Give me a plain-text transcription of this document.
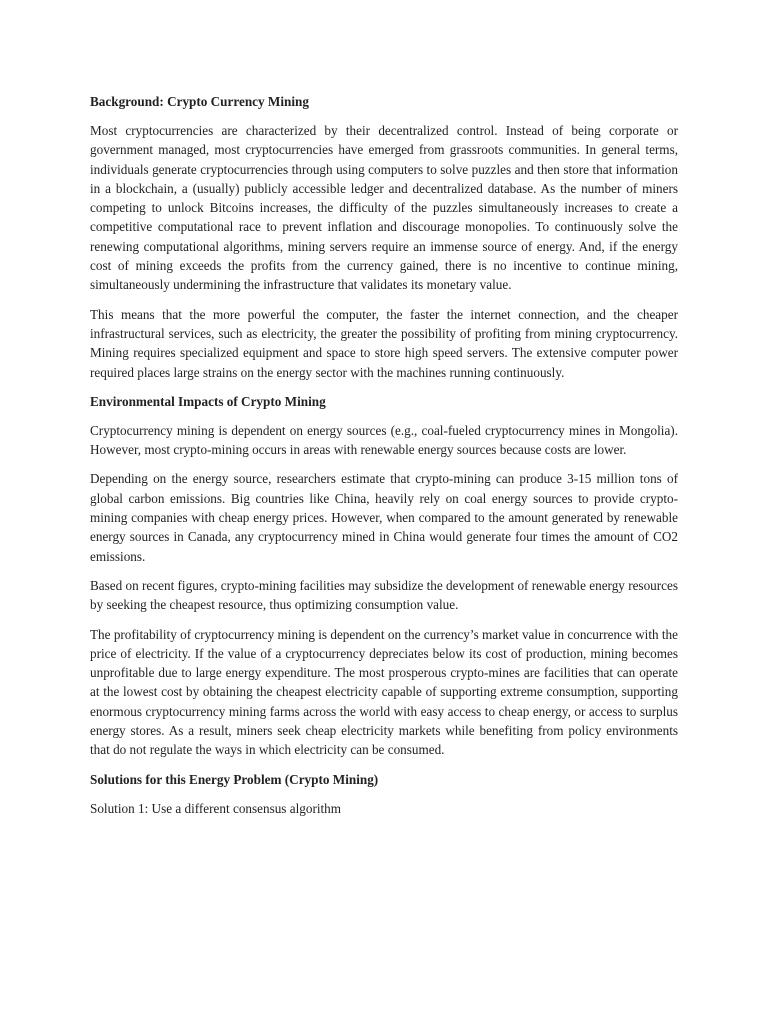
Background: Crypto Currency Mining

Most cryptocurrencies are characterized by their decentralized control. Instead of being corporate or government managed, most cryptocurrencies have emerged from grassroots communities. In general terms, individuals generate cryptocurrencies through using computers to solve puzzles and then store that information in a blockchain, a (usually) publicly accessible ledger and decentralized database. As the number of miners competing to unlock Bitcoins increases, the difficulty of the puzzles simultaneously increases to create a competitive computational race to prevent inflation and discourage monopolies. To continuously solve the renewing computational algorithms, mining servers require an immense source of energy. And, if the energy cost of mining exceeds the profits from the currency gained, there is no incentive to continue mining, simultaneously undermining the infrastructure that validates its monetary value.

This means that the more powerful the computer, the faster the internet connection, and the cheaper infrastructural services, such as electricity, the greater the possibility of profiting from mining cryptocurrency. Mining requires specialized equipment and space to store high speed servers. The extensive computer power required places large strains on the energy sector with the machines running continuously.

Environmental Impacts of Crypto Mining

Cryptocurrency mining is dependent on energy sources (e.g., coal-fueled cryptocurrency mines in Mongolia). However, most crypto-mining occurs in areas with renewable energy sources because costs are lower.

Depending on the energy source, researchers estimate that crypto-mining can produce 3-15 million tons of global carbon emissions. Big countries like China, heavily rely on coal energy sources to provide crypto-mining companies with cheap energy prices. However, when compared to the amount generated by renewable energy sources in Canada, any cryptocurrency mined in China would generate four times the amount of CO2 emissions.

Based on recent figures, crypto-mining facilities may subsidize the development of renewable energy resources by seeking the cheapest resource, thus optimizing consumption value.

The profitability of cryptocurrency mining is dependent on the currency’s market value in concurrence with the price of electricity. If the value of a cryptocurrency depreciates below its cost of production, mining becomes unprofitable due to large energy expenditure. The most prosperous crypto-mines are facilities that can operate at the lowest cost by obtaining the cheapest electricity capable of supporting extreme consumption, supporting enormous cryptocurrency mining farms across the world with easy access to cheap energy, or access to surplus energy stores. As a result, miners seek cheap electricity markets while benefiting from policy environments that do not regulate the ways in which electricity can be consumed.

Solutions for this Energy Problem (Crypto Mining)

Solution 1: Use a different consensus algorithm
